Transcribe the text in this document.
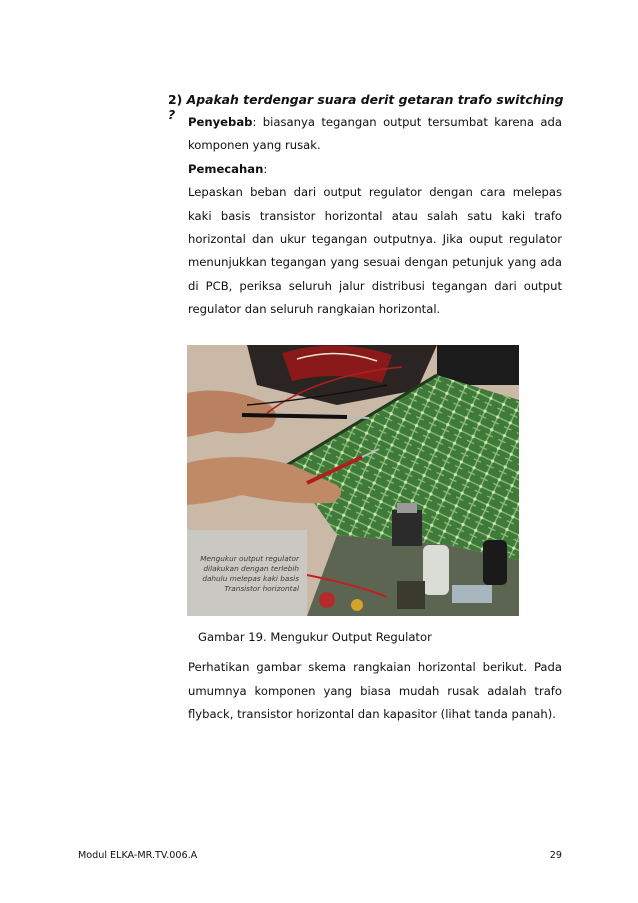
2) Apakah terdengar suara derit getaran trafo switching ?	Penyebab: biasanya tegangan output tersumbat karena ada komponen yang rusak.
Pemecahan:
Lepaskan beban dari output regulator dengan cara melepas kaki basis transistor horizontal atau salah satu kaki trafo horizontal dan ukur tegangan outputnya. Jika ouput regulator menunjukkan tegangan yang sesuai dengan petunjuk yang ada di PCB, periksa seluruh jalur distribusi tegangan dari output regulator dan seluruh rangkaian horizontal.
Mengukur output regulator
dilakukan dengan terlebih
dahulu melepas kaki basis
Transistor horizontal
Gambar 19. Mengukur Output Regulator
Perhatikan gambar skema rangkaian horizontal berikut. Pada umumnya komponen yang biasa mudah rusak adalah trafo flyback, transistor horizontal dan kapasitor (lihat tanda panah).
Modul ELKA-MR.TV.006.A	29
